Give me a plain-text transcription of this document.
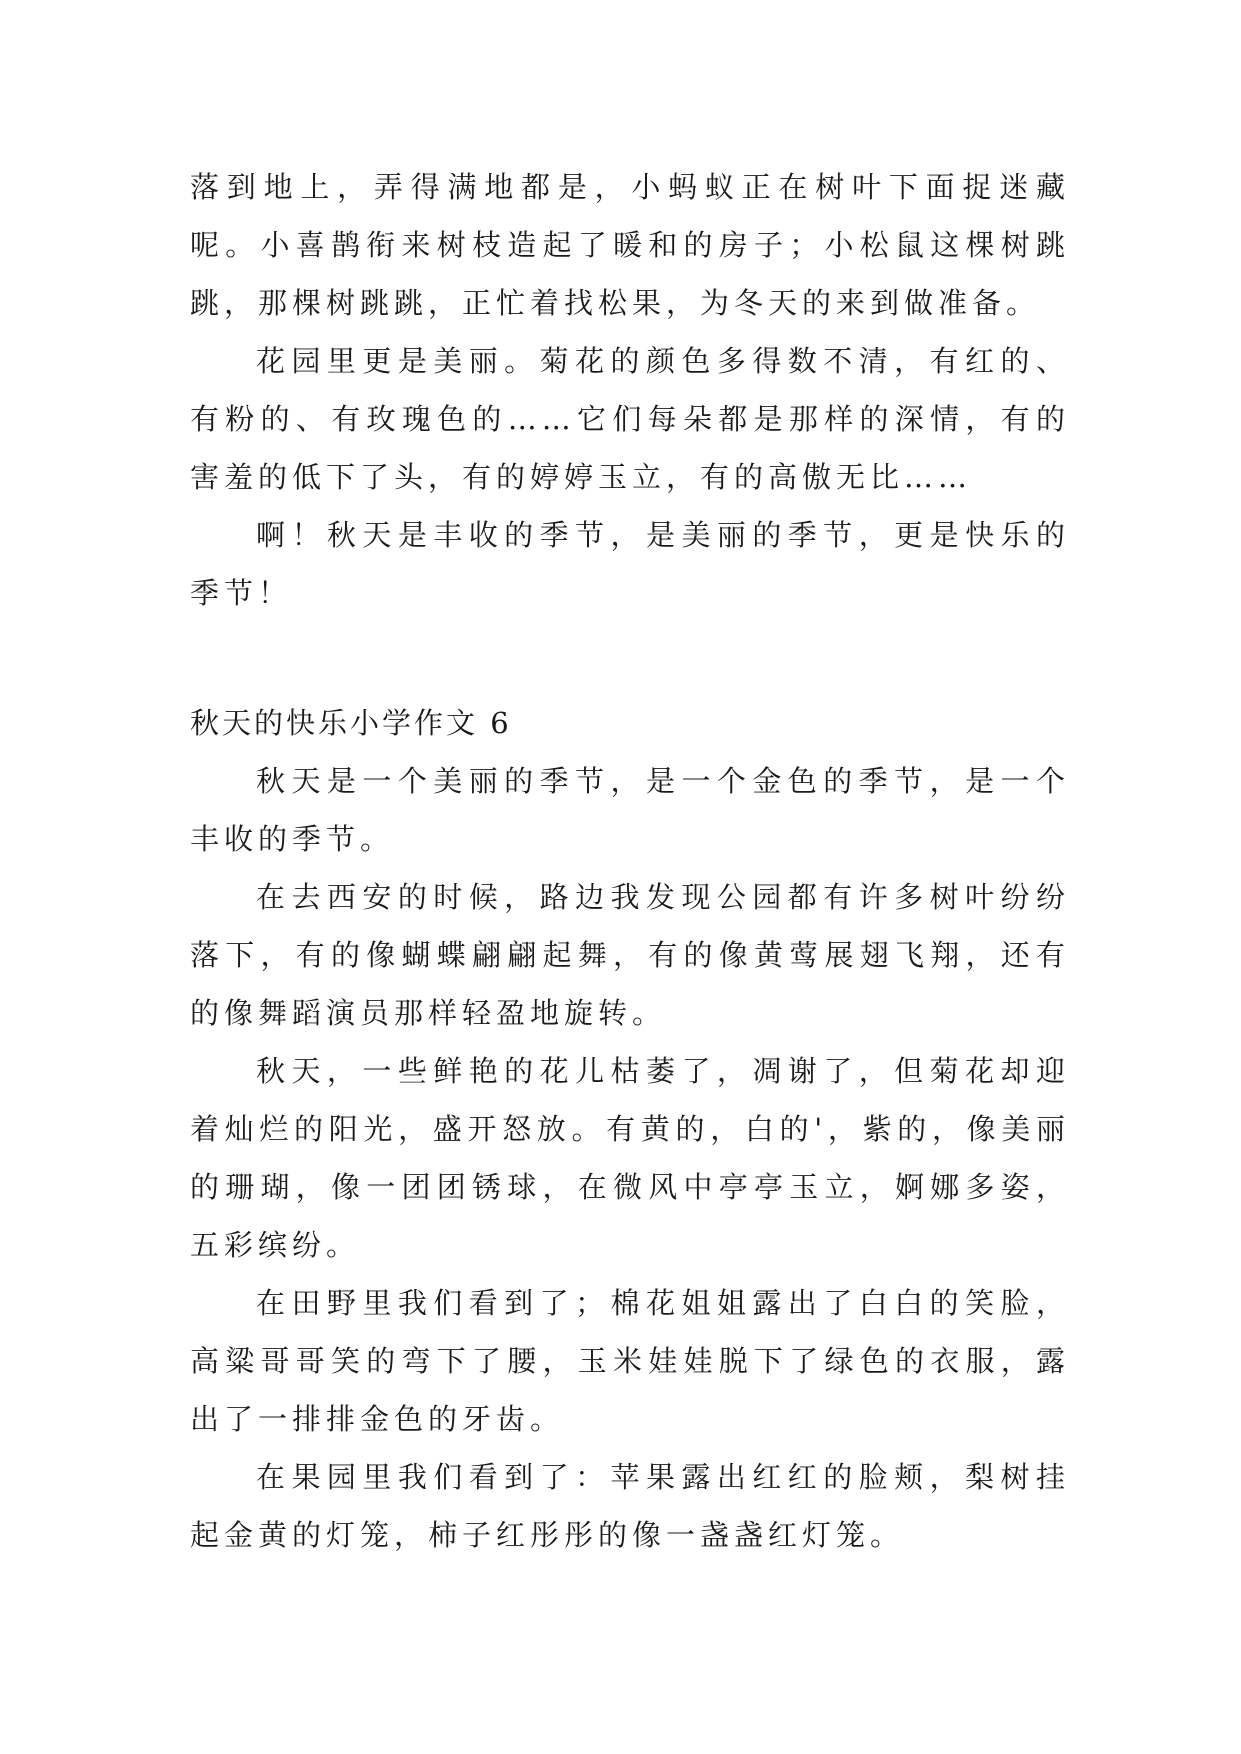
落到地上，弄得满地都是，小蚂蚁正在树叶下面捉迷藏呢。小喜鹊衔来树枝造起了暖和的房子；小松鼠这棵树跳跳，那棵树跳跳，正忙着找松果，为冬天的来到做准备。

花园里更是美丽。菊花的颜色多得数不清，有红的、有粉的、有玫瑰色的……它们每朵都是那样的深情，有的害羞的低下了头，有的婷婷玉立，有的高傲无比……

啊！秋天是丰收的季节，是美丽的季节，更是快乐的季节！

秋天的快乐小学作文 6

秋天是一个美丽的季节，是一个金色的季节，是一个丰收的季节。

在去西安的时候，路边我发现公园都有许多树叶纷纷落下，有的像蝴蝶翩翩起舞，有的像黄莺展翅飞翔，还有的像舞蹈演员那样轻盈地旋转。

秋天，一些鲜艳的花儿枯萎了，凋谢了，但菊花却迎着灿烂的阳光，盛开怒放。有黄的，白的'，紫的，像美丽的珊瑚，像一团团锈球，在微风中亭亭玉立，婀娜多姿，五彩缤纷。

在田野里我们看到了；棉花姐姐露出了白白的笑脸，高粱哥哥笑的弯下了腰，玉米娃娃脱下了绿色的衣服，露出了一排排金色的牙齿。

在果园里我们看到了：苹果露出红红的脸颊，梨树挂起金黄的灯笼，柿子红彤彤的像一盏盏红灯笼。
